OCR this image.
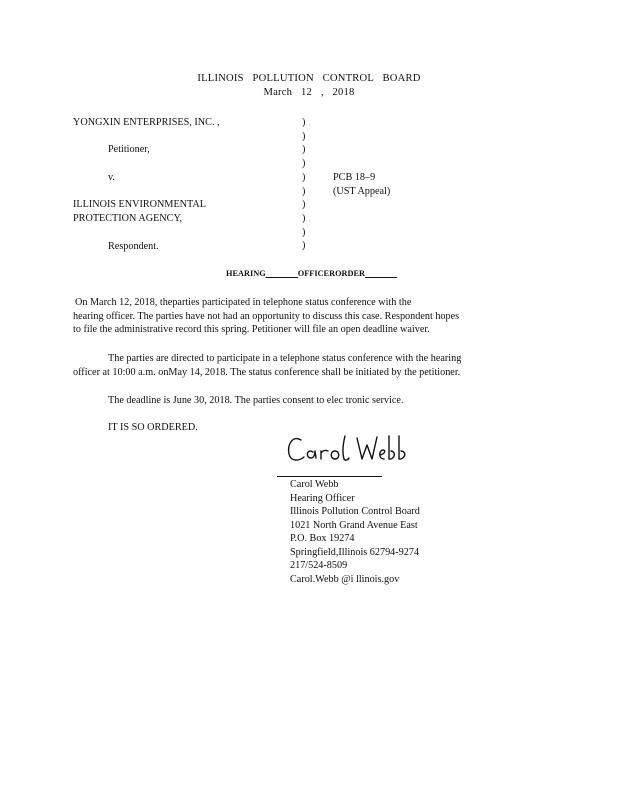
ILLINOIS POLLUTION CONTROL BOARD
March 12 , 2018
YONGXIN ENTERPRISES, INC. ,
Petitioner,
v.
ILLINOIS ENVIRONMENTAL
PROTECTION AGENCY,
Respondent.
)
)
)
)
)
)
)
)
)
)
PCB 18–9
(UST Appeal)
HEARING	OFFICERORDER
On March 12, 2018, theparties participated in telephone status conference with the
hearing officer. The parties have not had an opportunity to discuss this case. Respondent hopes
to file the administrative record this spring. Petitioner will file an open deadline waiver.
The parties are directed to participate in a telephone status conference with the hearing
officer at 10:00 a.m. onMay 14, 2018. The status conference shall be initiated by the petitioner.
The deadline is June 30, 2018. The parties consent to elec tronic service.
IT IS SO ORDERED.
Carol Webb
Hearing Officer
Illinois Pollution Control Board
1021 North Grand Avenue East
P.O. Box 19274
Springfield,Illinois 62794-9274
217/524-8509
Carol.Webb @i llinois.gov
